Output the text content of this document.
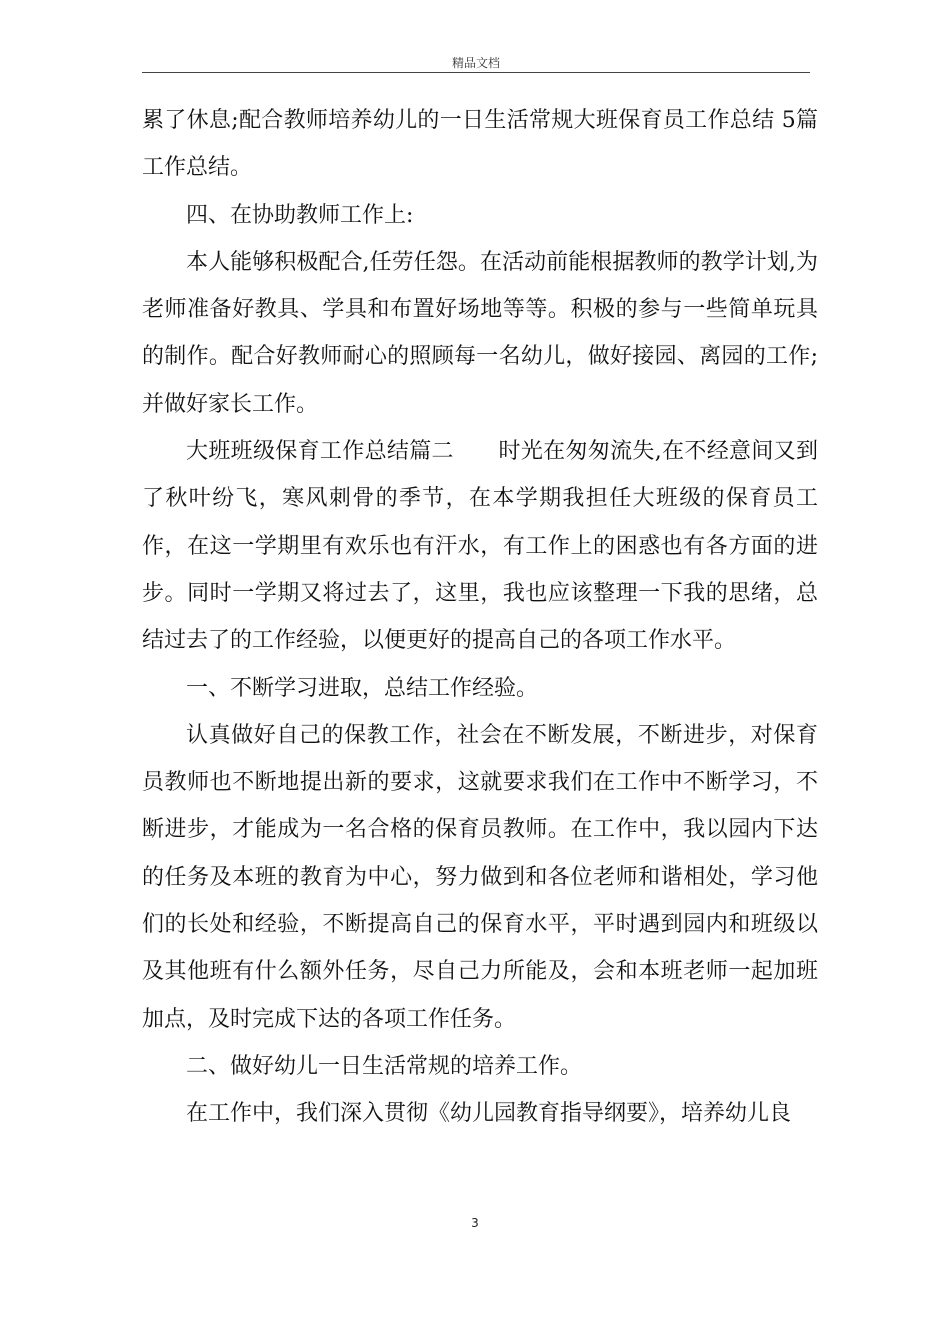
精品文档

累了休息;配合教师培养幼儿的一日生活常规大班保育员工作总结 5篇工作总结。

四、在协助教师工作上:

本人能够积极配合,任劳任怨。在活动前能根据教师的教学计划,为老师准备好教具、学具和布置好场地等等。积极的参与一些简单玩具的制作。配合好教师耐心的照顾每一名幼儿，做好接园、离园的工作;并做好家长工作。

大班班级保育工作总结篇二　　时光在匆匆流失,在不经意间又到了秋叶纷飞，寒风刺骨的季节，在本学期我担任大班级的保育员工作，在这一学期里有欢乐也有汗水，有工作上的困惑也有各方面的进步。同时一学期又将过去了，这里，我也应该整理一下我的思绪，总结过去了的工作经验，以便更好的提高自己的各项工作水平。

一、不断学习进取，总结工作经验。

认真做好自己的保教工作，社会在不断发展，不断进步，对保育员教师也不断地提出新的要求，这就要求我们在工作中不断学习，不断进步，才能成为一名合格的保育员教师。在工作中，我以园内下达的任务及本班的教育为中心，努力做到和各位老师和谐相处，学习他们的长处和经验，不断提高自己的保育水平，平时遇到园内和班级以及其他班有什么额外任务，尽自己力所能及，会和本班老师一起加班加点，及时完成下达的各项工作任务。

二、做好幼儿一日生活常规的培养工作。

在工作中，我们深入贯彻《幼儿园教育指导纲要》，培养幼儿良

3
